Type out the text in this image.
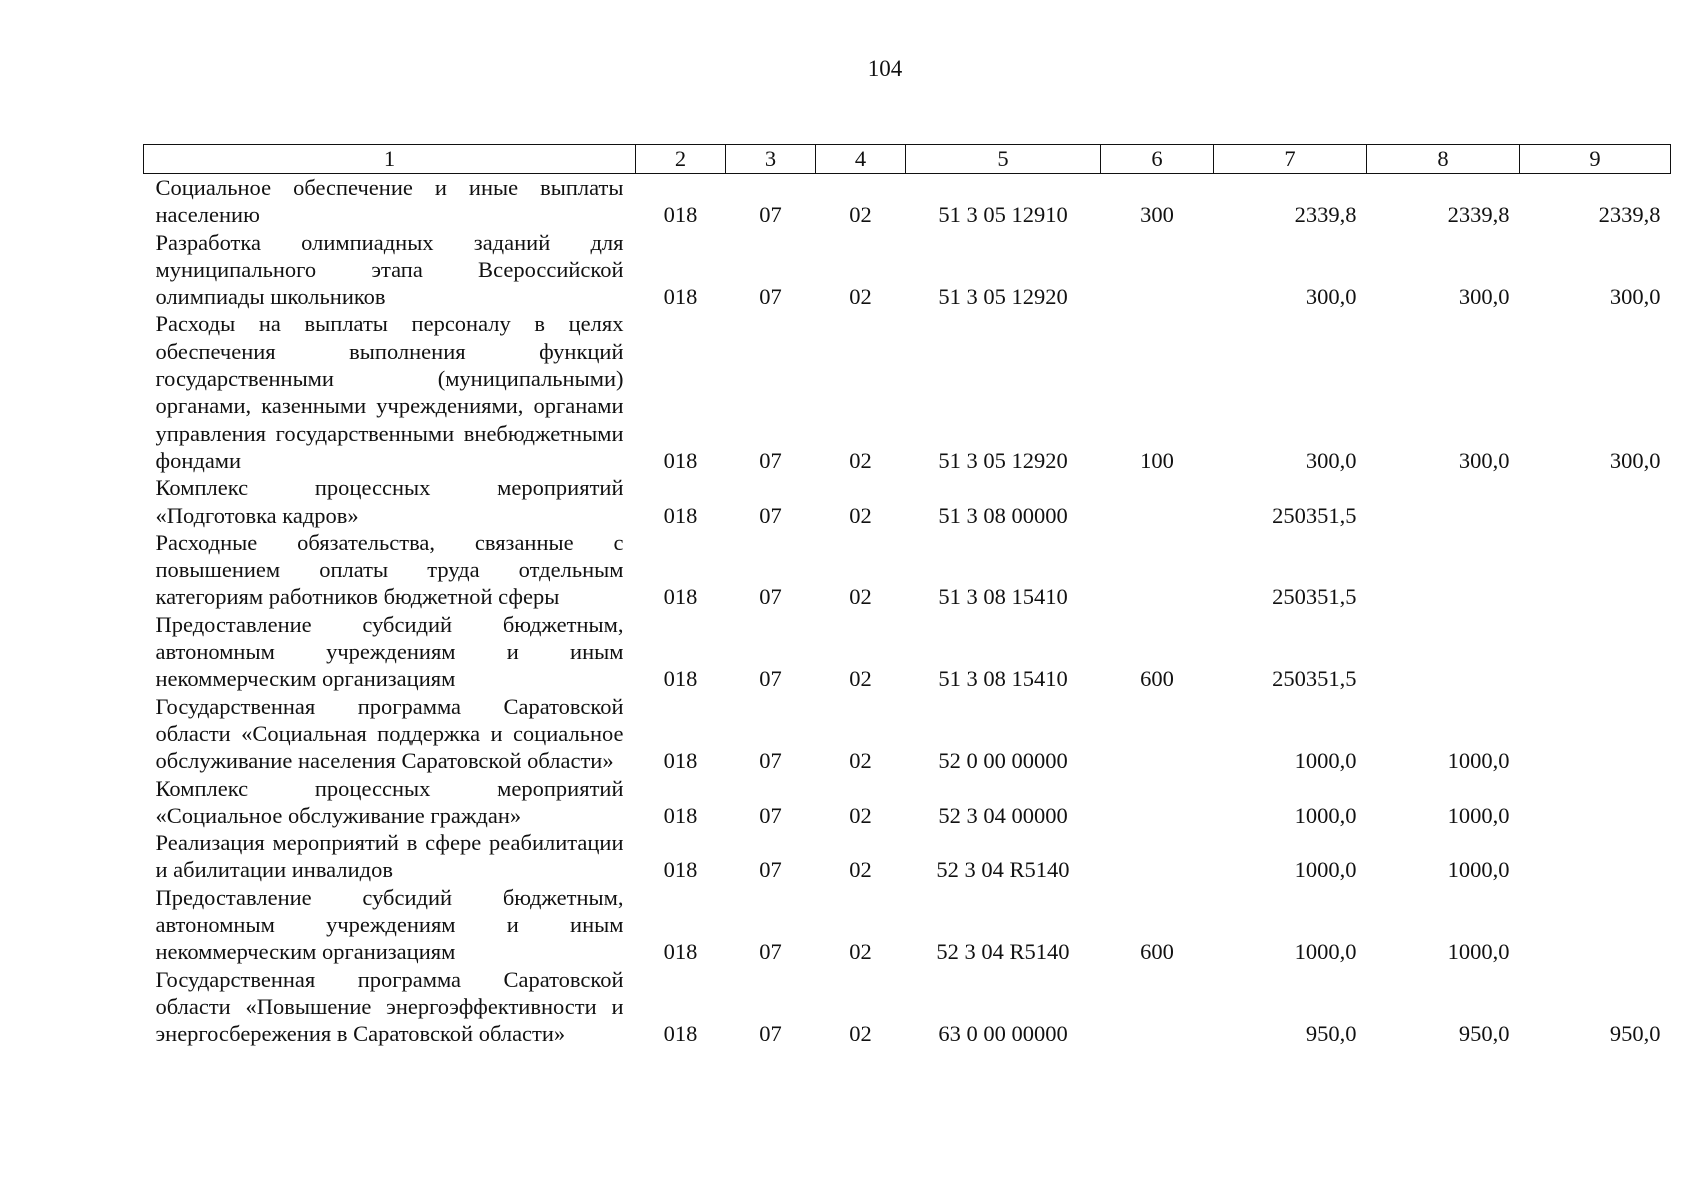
104
1	2	3	4	5	6	7	8	9

Социальное обеспечение и иные выплаты населению	018	07	02	51 3 05 12910	300	2339,8	2339,8	2339,8

Разработка олимпиадных заданий для муниципального этапа Всероссийской олимпиады школьников	018	07	02	51 3 05 12920		300,0	300,0	300,0

Расходы на выплаты персоналу в целях обеспечения выполнения функций государственными (муниципальными) органами, казенными учреждениями, органами управления государственными внебюджетными фондами	018	07	02	51 3 05 12920	100	300,0	300,0	300,0

Комплекс процессных мероприятий «Подготовка кадров»	018	07	02	51 3 08 00000		250351,5		

Расходные обязательства, связанные с повышением оплаты труда отдельным категориям работников бюджетной сферы	018	07	02	51 3 08 15410		250351,5		

Предоставление субсидий бюджетным, автономным учреждениям и иным некоммерческим организациям	018	07	02	51 3 08 15410	600	250351,5		

Государственная программа Саратовской области «Социальная поддержка и социальное обслуживание населения Саратовской области»	018	07	02	52 0 00 00000		1000,0	1000,0	

Комплекс процессных мероприятий «Социальное обслуживание граждан»	018	07	02	52 3 04 00000		1000,0	1000,0	

Реализация мероприятий в сфере реабилитации и абилитации инвалидов	018	07	02	52 3 04 R5140		1000,0	1000,0	

Предоставление субсидий бюджетным, автономным учреждениям и иным некоммерческим организациям	018	07	02	52 3 04 R5140	600	1000,0	1000,0	

Государственная программа Саратовской области «Повышение энергоэффективности и энергосбережения в Саратовской области»	018	07	02	63 0 00 00000		950,0	950,0	950,0
